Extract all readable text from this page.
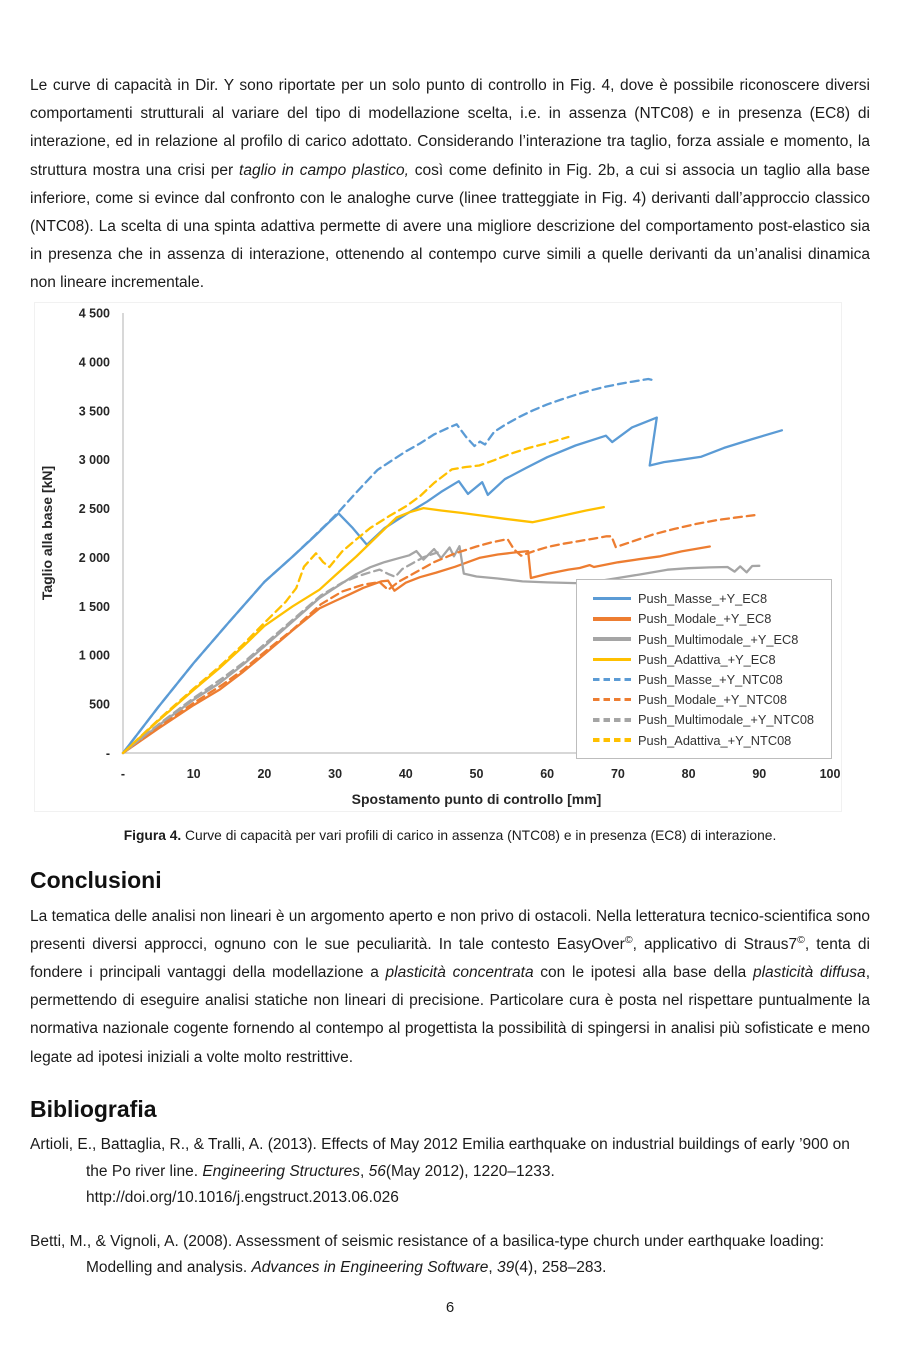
Le curve di capacità in Dir. Y sono riportate per un solo punto di controllo in Fig. 4, dove è possibile riconoscere diversi comportamenti strutturali al variare del tipo di modellazione scelta, i.e. in assenza (NTC08) e in presenza (EC8) di interazione, ed in relazione al profilo di carico adottato. Considerando l’interazione tra taglio, forza assiale e momento, la struttura mostra una crisi per taglio in campo plastico, così come definito in Fig. 2b, a cui si associa un taglio alla base inferiore, come si evince dal confronto con le analoghe curve (linee tratteggiate in Fig. 4) derivanti dall’approccio classico (NTC08). La scelta di una spinta adattiva permette di avere una migliore descrizione del comportamento post-elastico sia in presenza che in assenza di interazione, ottenendo al contempo curve simili a quelle derivanti da un’analisi dinamica non lineare incrementale.

-
500
1 000
1 500
2 000
2 500
3 000
3 500
4 000
4 500
-	10	20	30	40	50	60	70	80	90	100
Spostamento punto di controllo [mm]
Taglio alla base [kN]	Push_Masse_+Y_EC8
Push_Modale_+Y_EC8
Push_Multimodale_+Y_EC8
Push_Adattiva_+Y_EC8
Push_Masse_+Y_NTC08
Push_Modale_+Y_NTC08
Push_Multimodale_+Y_NTC08
Push_Adattiva_+Y_NTC08
Figura 4. Curve di capacità per vari profili di carico in assenza (NTC08) e in presenza (EC8) di interazione.
Conclusioni

La tematica delle analisi non lineari è un argomento aperto e non privo di ostacoli. Nella letteratura tecnico-scientifica sono presenti diversi approcci, ognuno con le sue peculiarità. In tale contesto EasyOver©, applicativo di Straus7©, tenta di fondere i principali vantaggi della modellazione a plasticità concentrata con le ipotesi alla base della plasticità diffusa, permettendo di eseguire analisi statiche non lineari di precisione. Particolare cura è posta nel rispettare puntualmente la normativa nazionale cogente fornendo al contempo al progettista la possibilità di spingersi in analisi più sofisticate e meno legate ad ipotesi iniziali a volte molto restrittive.

Bibliografia

Artioli, E., Battaglia, R., & Tralli, A. (2013). Effects of May 2012 Emilia earthquake on industrial buildings of early ’900 on the Po river line. Engineering Structures, 56(May 2012), 1220–1233. http://doi.org/10.1016/j.engstruct.2013.06.026

Betti, M., & Vignoli, A. (2008). Assessment of seismic resistance of a basilica-type church under earthquake loading: Modelling and analysis. Advances in Engineering Software, 39(4), 258–283.

6
